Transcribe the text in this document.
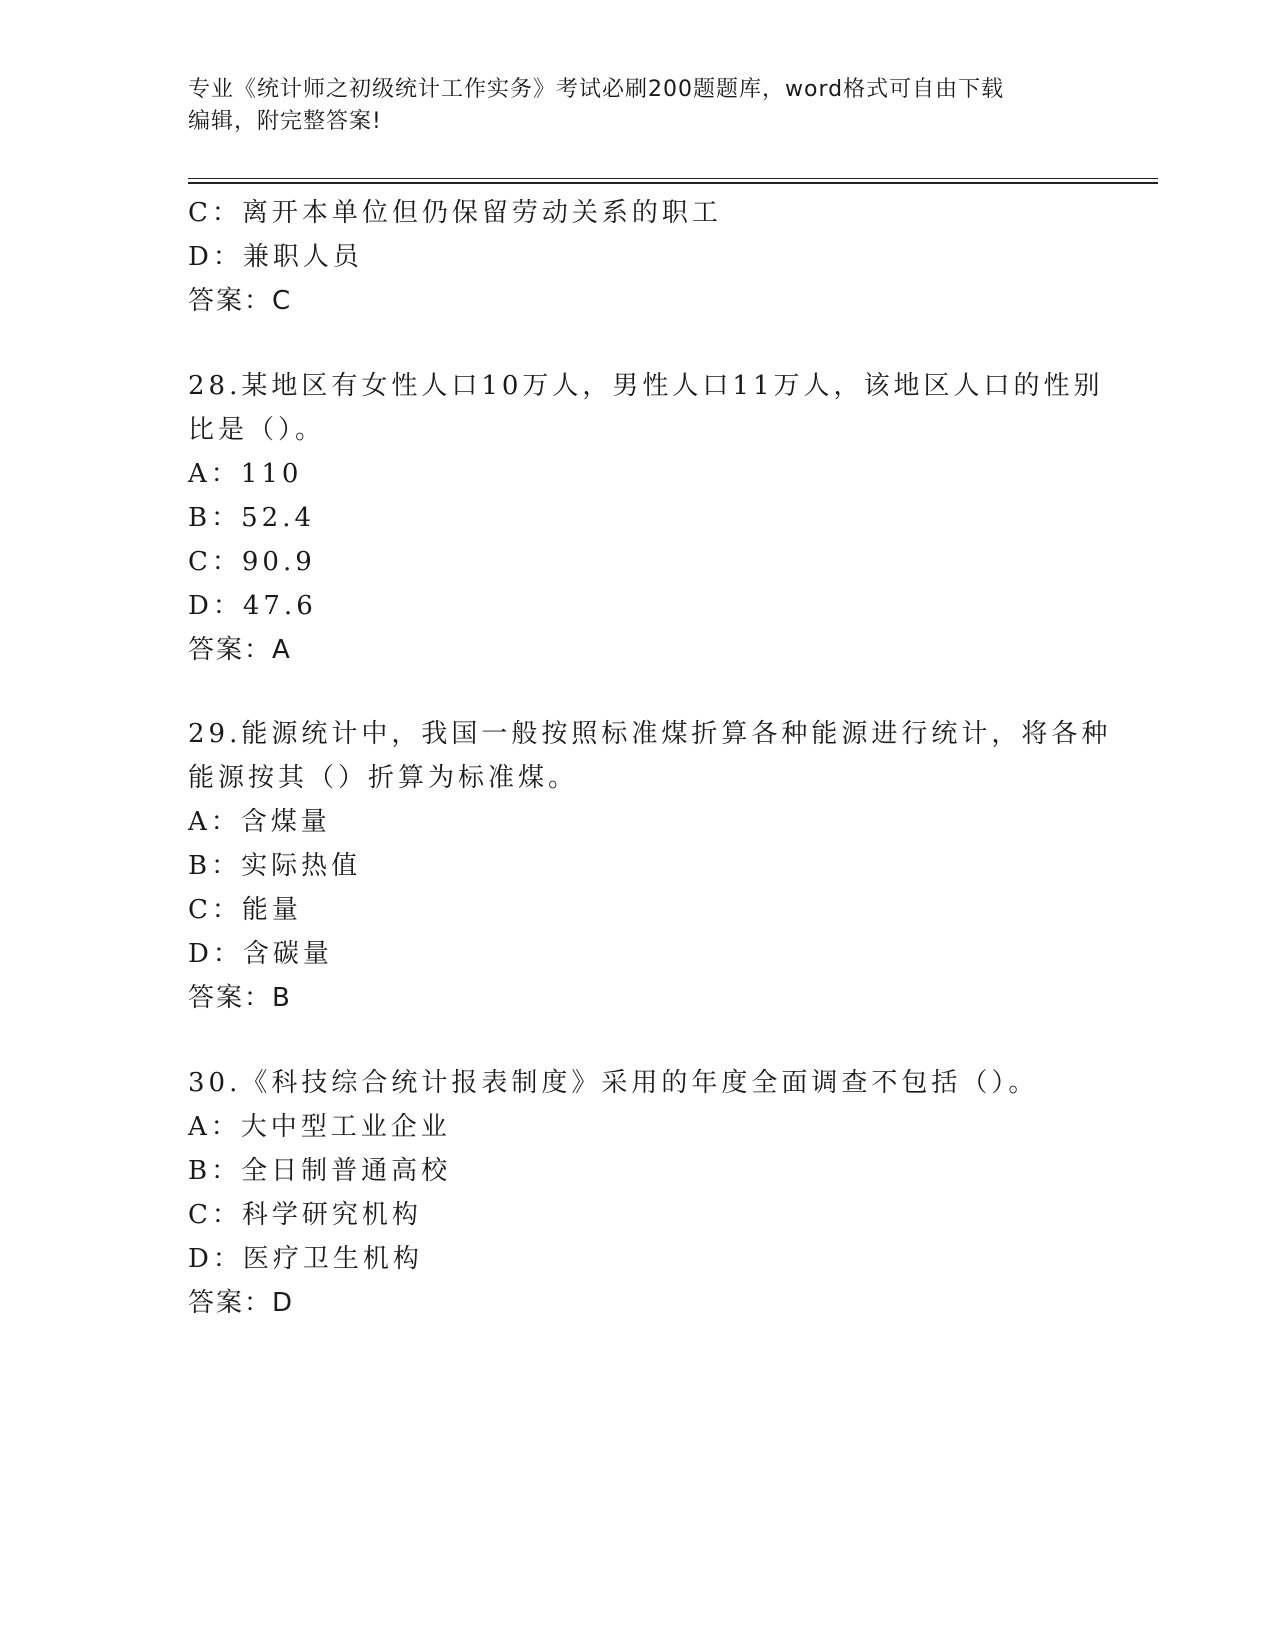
专业《统计师之初级统计工作实务》考试必刷200题题库，word格式可自由下载
编辑，附完整答案!
C：离开本单位但仍保留劳动关系的职工
D：兼职人员
答案：C
28.某地区有女性人口10万人，男性人口11万人，该地区人口的性别
比是（）。
A：110
B：52.4
C：90.9
D：47.6
答案：A
29.能源统计中，我国一般按照标准煤折算各种能源进行统计，将各种
能源按其（）折算为标准煤。
A：含煤量
B：实际热值
C：能量
D：含碳量
答案：B
30.《科技综合统计报表制度》采用的年度全面调查不包括（）。
A：大中型工业企业
B：全日制普通高校
C：科学研究机构
D：医疗卫生机构
答案：D
